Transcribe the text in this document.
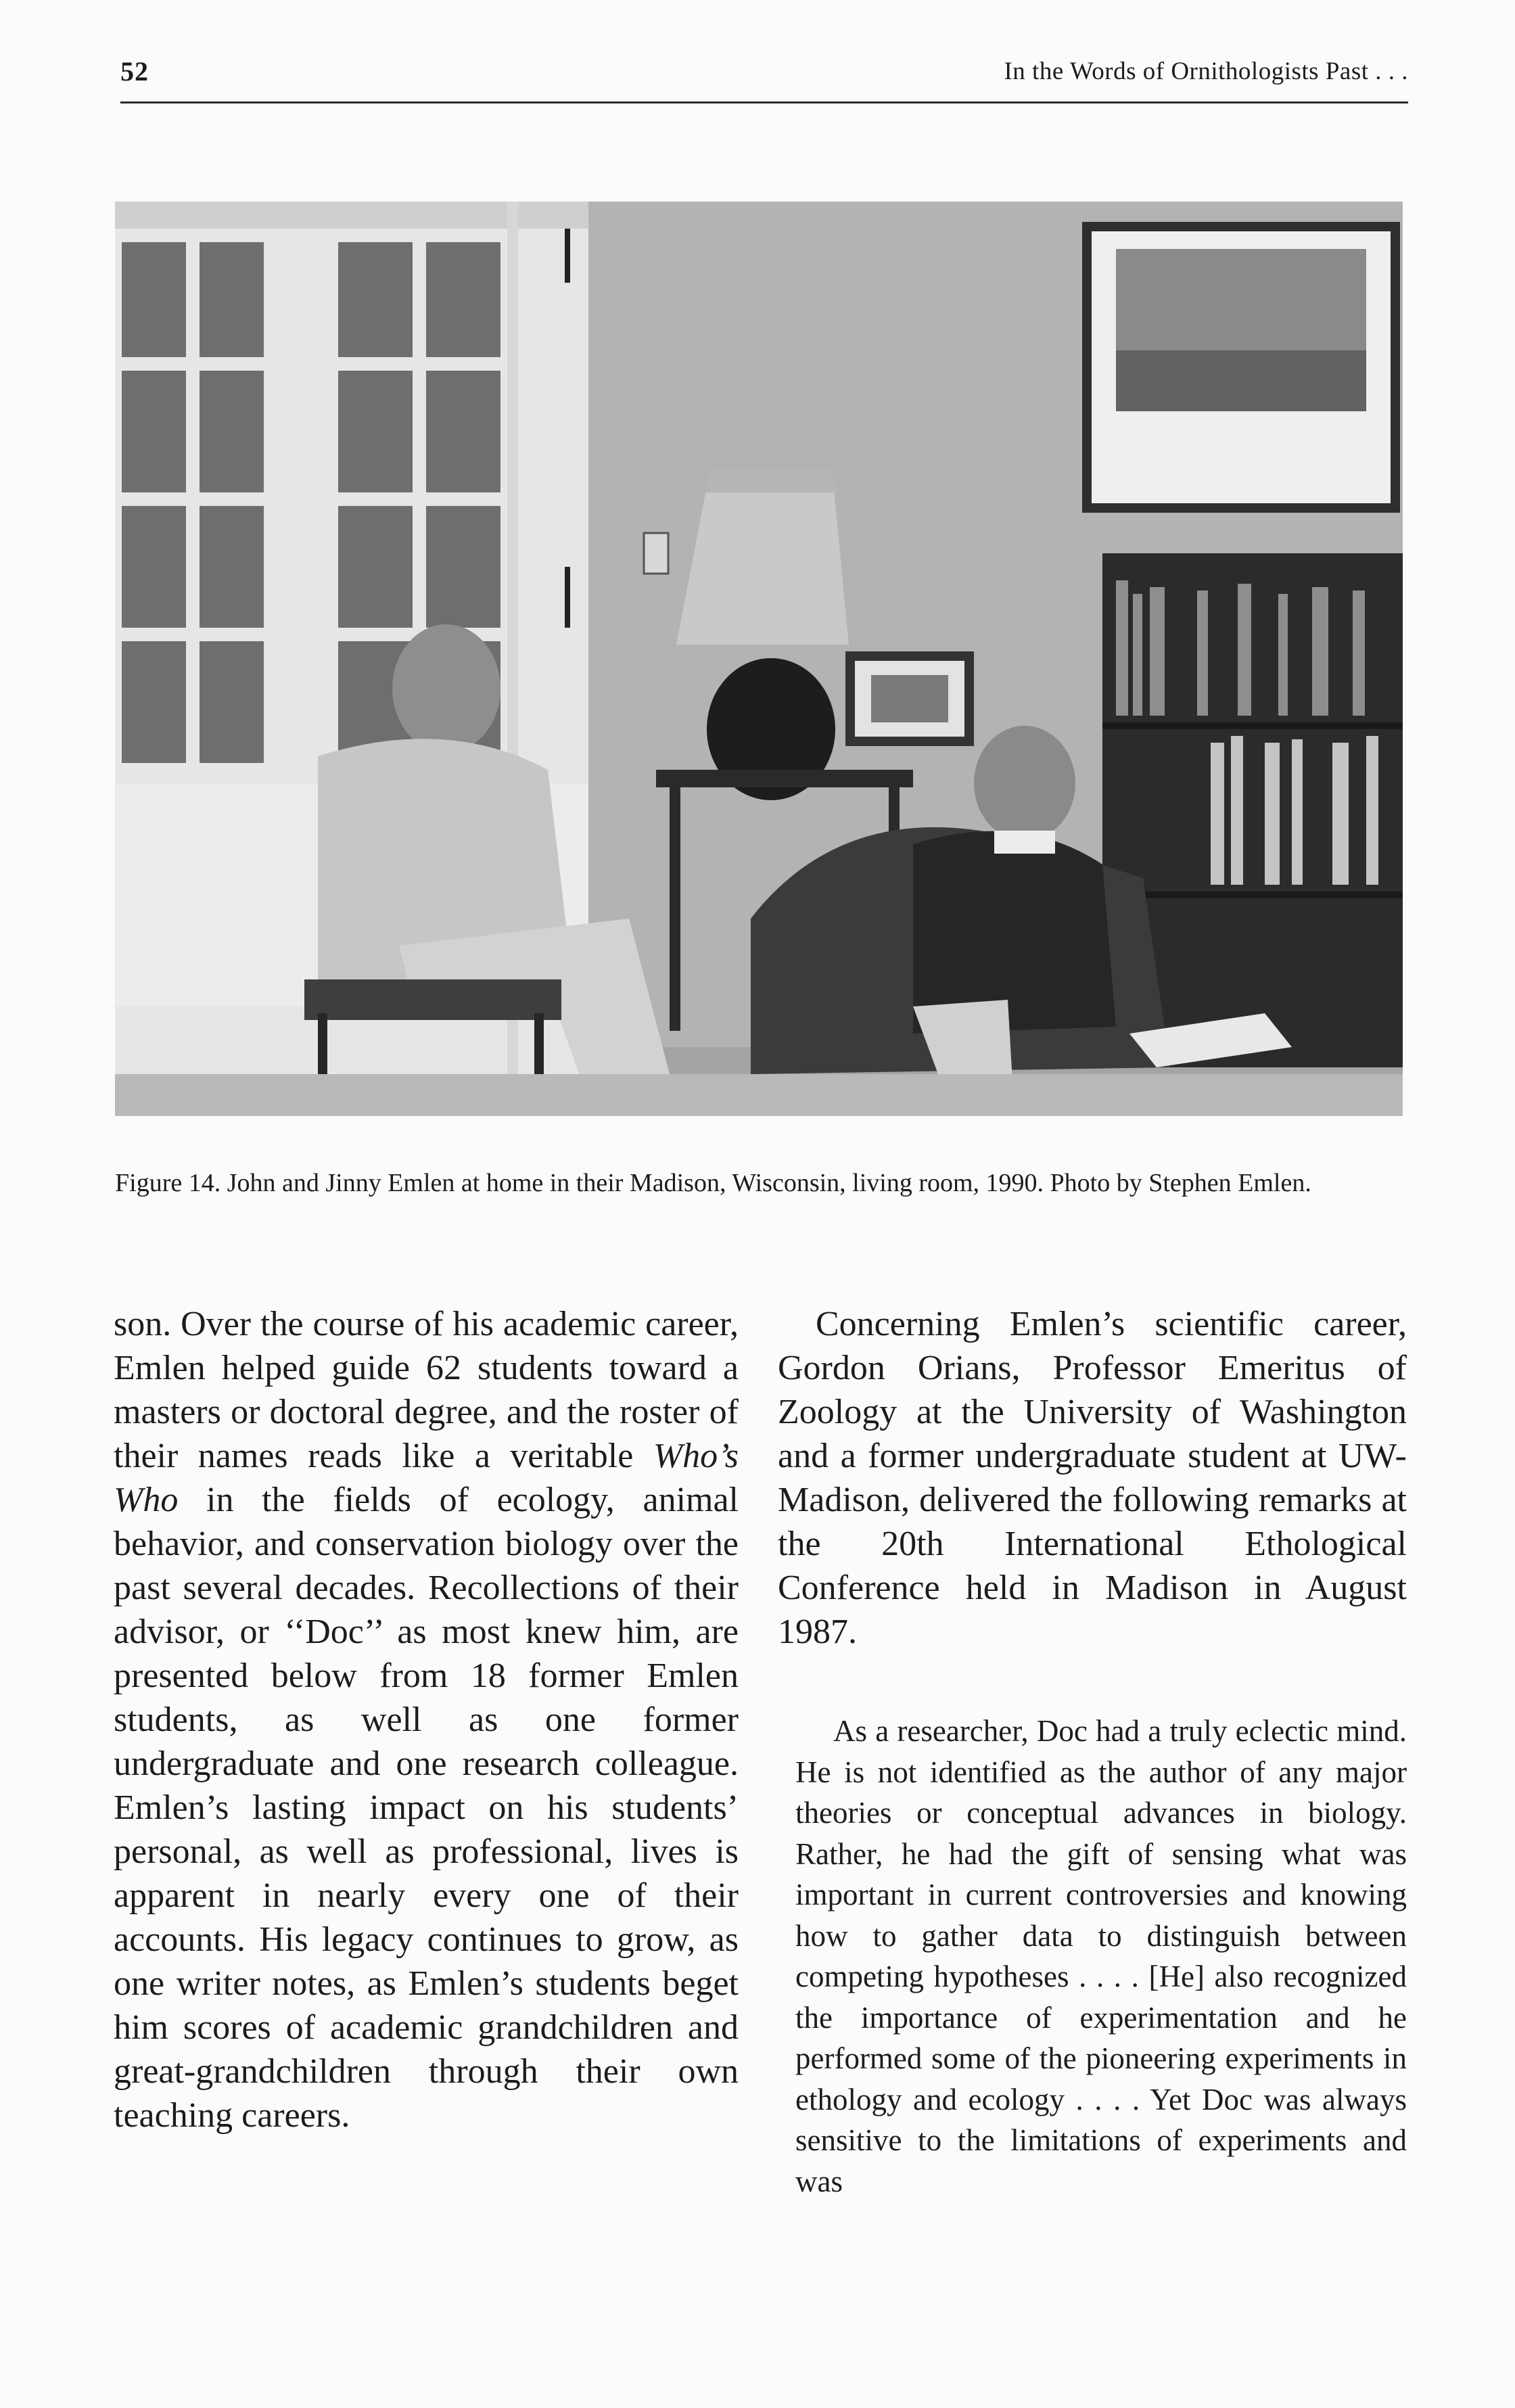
52	In the Words of Ornithologists Past . . .
Figure 14. John and Jinny Emlen at home in their Madison, Wisconsin, living room, 1990. Photo by Stephen Emlen.

son. Over the course of his academic career, Emlen helped guide 62 students toward a masters or doctoral degree, and the roster of their names reads like a veritable Who’s Who in the fields of ecology, animal behavior, and conservation biology over the past several decades. Recollections of their advisor, or ‘‘Doc’’ as most knew him, are presented below from 18 former Emlen students, as well as one former undergraduate and one research colleague. Emlen’s lasting impact on his students’ personal, as well as professional, lives is apparent in nearly every one of their accounts. His legacy continues to grow, as one writer notes, as Emlen’s students beget him scores of academic grandchildren and great-grandchildren through their own teaching careers.

Concerning Emlen’s scientific career, Gordon Orians, Professor Emeritus of Zoology at the University of Washington and a former undergraduate student at UW-Madison, delivered the following remarks at the 20th International Ethological Conference held in Madison in August 1987.

As a researcher, Doc had a truly eclectic mind. He is not identified as the author of any major theories or conceptual advances in biology. Rather, he had the gift of sensing what was important in current controversies and knowing how to gather data to distinguish between competing hypotheses . . . . [He] also recognized the importance of experimentation and he performed some of the pioneering experiments in ethology and ecology . . . . Yet Doc was always sensitive to the limitations of experiments and was
